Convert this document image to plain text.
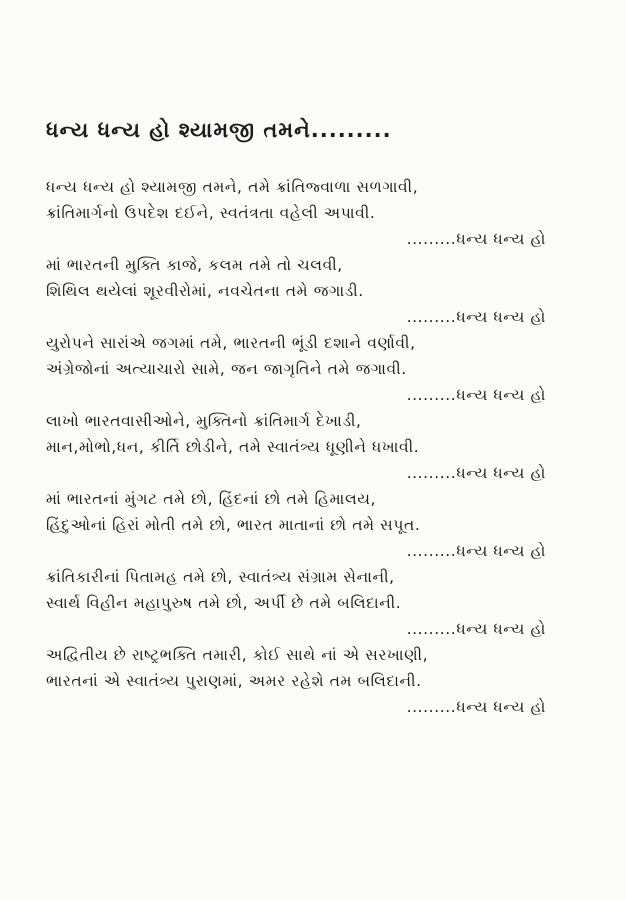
ધન્ય ધન્ય હો શ્યામજી તમને.........
ધન્ય ધન્ય હો શ્યામજી તમને, તમે ક્રાંતિજ્વાળા સળગાવી,
ક્રાંતિમાર્ગનો ઉપદેશ દઈને, સ્વતંત્રતા વહેલી અપાવી.
.........ધન્ય ધન્ય હો
માં ભારતની મુક્તિ કાજે, કલમ તમે તો ચલવી,
શિથિલ થયેલાં શૂરવીરોમાં, નવચેતના તમે જગાડી.
.........ધન્ય ધન્ય હો
યુરોપને સારાંએ જગમાં તમે, ભારતની ભૂંડી દશાને વર્ણાવી,
અંગ્રેજોનાં અત્યાચારો સામે, જન જાગૃતિને તમે જગાવી.
.........ધન્ય ધન્ય હો
લાખો ભારતવાસીઓને, મુક્તિનો ક્રાંતિમાર્ગ દેખાડી,
માન,મોભો,ધન, કીર્તિ છોડીને, તમે સ્વાતંત્ર્ય ધૂણીને ધખાવી.
.........ધન્ય ધન્ય હો
માં ભારતનાં મુંગટ તમે છો, હિંદનાં છો તમે હિમાલય,
હિંદુઓનાં હિરાં મોતી તમે છો, ભારત માતાનાં છો તમે સપૂત.
.........ધન્ય ધન્ય હો
ક્રાંતિકારીનાં પિતામહ તમે છો, સ્વાતંત્ર્ય સંગ્રામ સેનાની,
સ્વાર્થ વિહીન મહાપુરુષ તમે છો, અર્પી છે તમે બલિદાની.
.........ધન્ય ધન્ય હો
અદ્વિતીય છે રાષ્ટ્રભક્તિ તમારી, કોઈ સાથે નાં એ સરખાણી,
ભારતનાં એ સ્વાતંત્ર્ય પુરાણમાં, અમર રહેશે તમ બલિદાની.
.........ધન્ય ધન્ય હો
